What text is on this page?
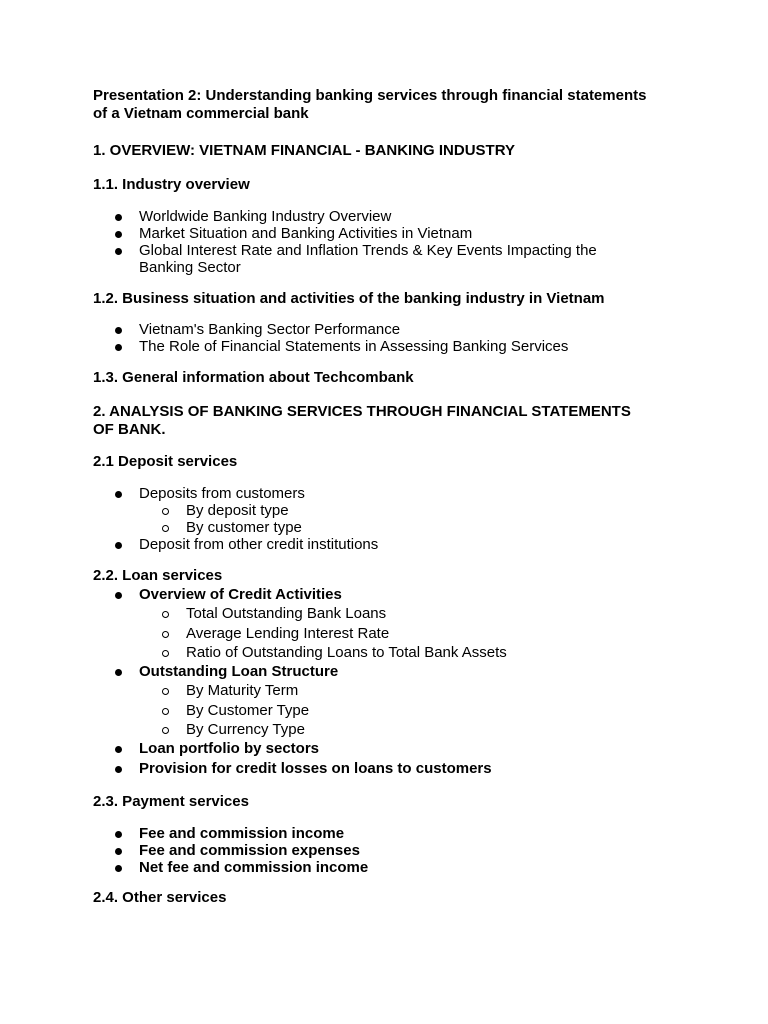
Presentation 2: Understanding banking services through financial statements
of a Vietnam commercial bank

1. OVERVIEW: VIETNAM FINANCIAL - BANKING INDUSTRY

1.1. Industry overview

Worldwide Banking Industry Overview
Market Situation and Banking Activities in Vietnam
Global Interest Rate and Inflation Trends & Key Events Impacting the Banking Sector

1.2. Business situation and activities of the banking industry in Vietnam

Vietnam's Banking Sector Performance
The Role of Financial Statements in Assessing Banking Services

1.3. General information about Techcombank

2. ANALYSIS OF BANKING SERVICES THROUGH FINANCIAL STATEMENTS
OF BANK.

2.1 Deposit services

Deposits from customers
By deposit type
By customer type
Deposit from other credit institutions

2.2. Loan services

Overview of Credit Activities
Total Outstanding Bank Loans
Average Lending Interest Rate
Ratio of Outstanding Loans to Total Bank Assets
Outstanding Loan Structure
By Maturity Term
By Customer Type
By Currency Type
Loan portfolio by sectors
Provision for credit losses on loans to customers

2.3. Payment services

Fee and commission income
Fee and commission expenses
Net fee and commission income

2.4. Other services
